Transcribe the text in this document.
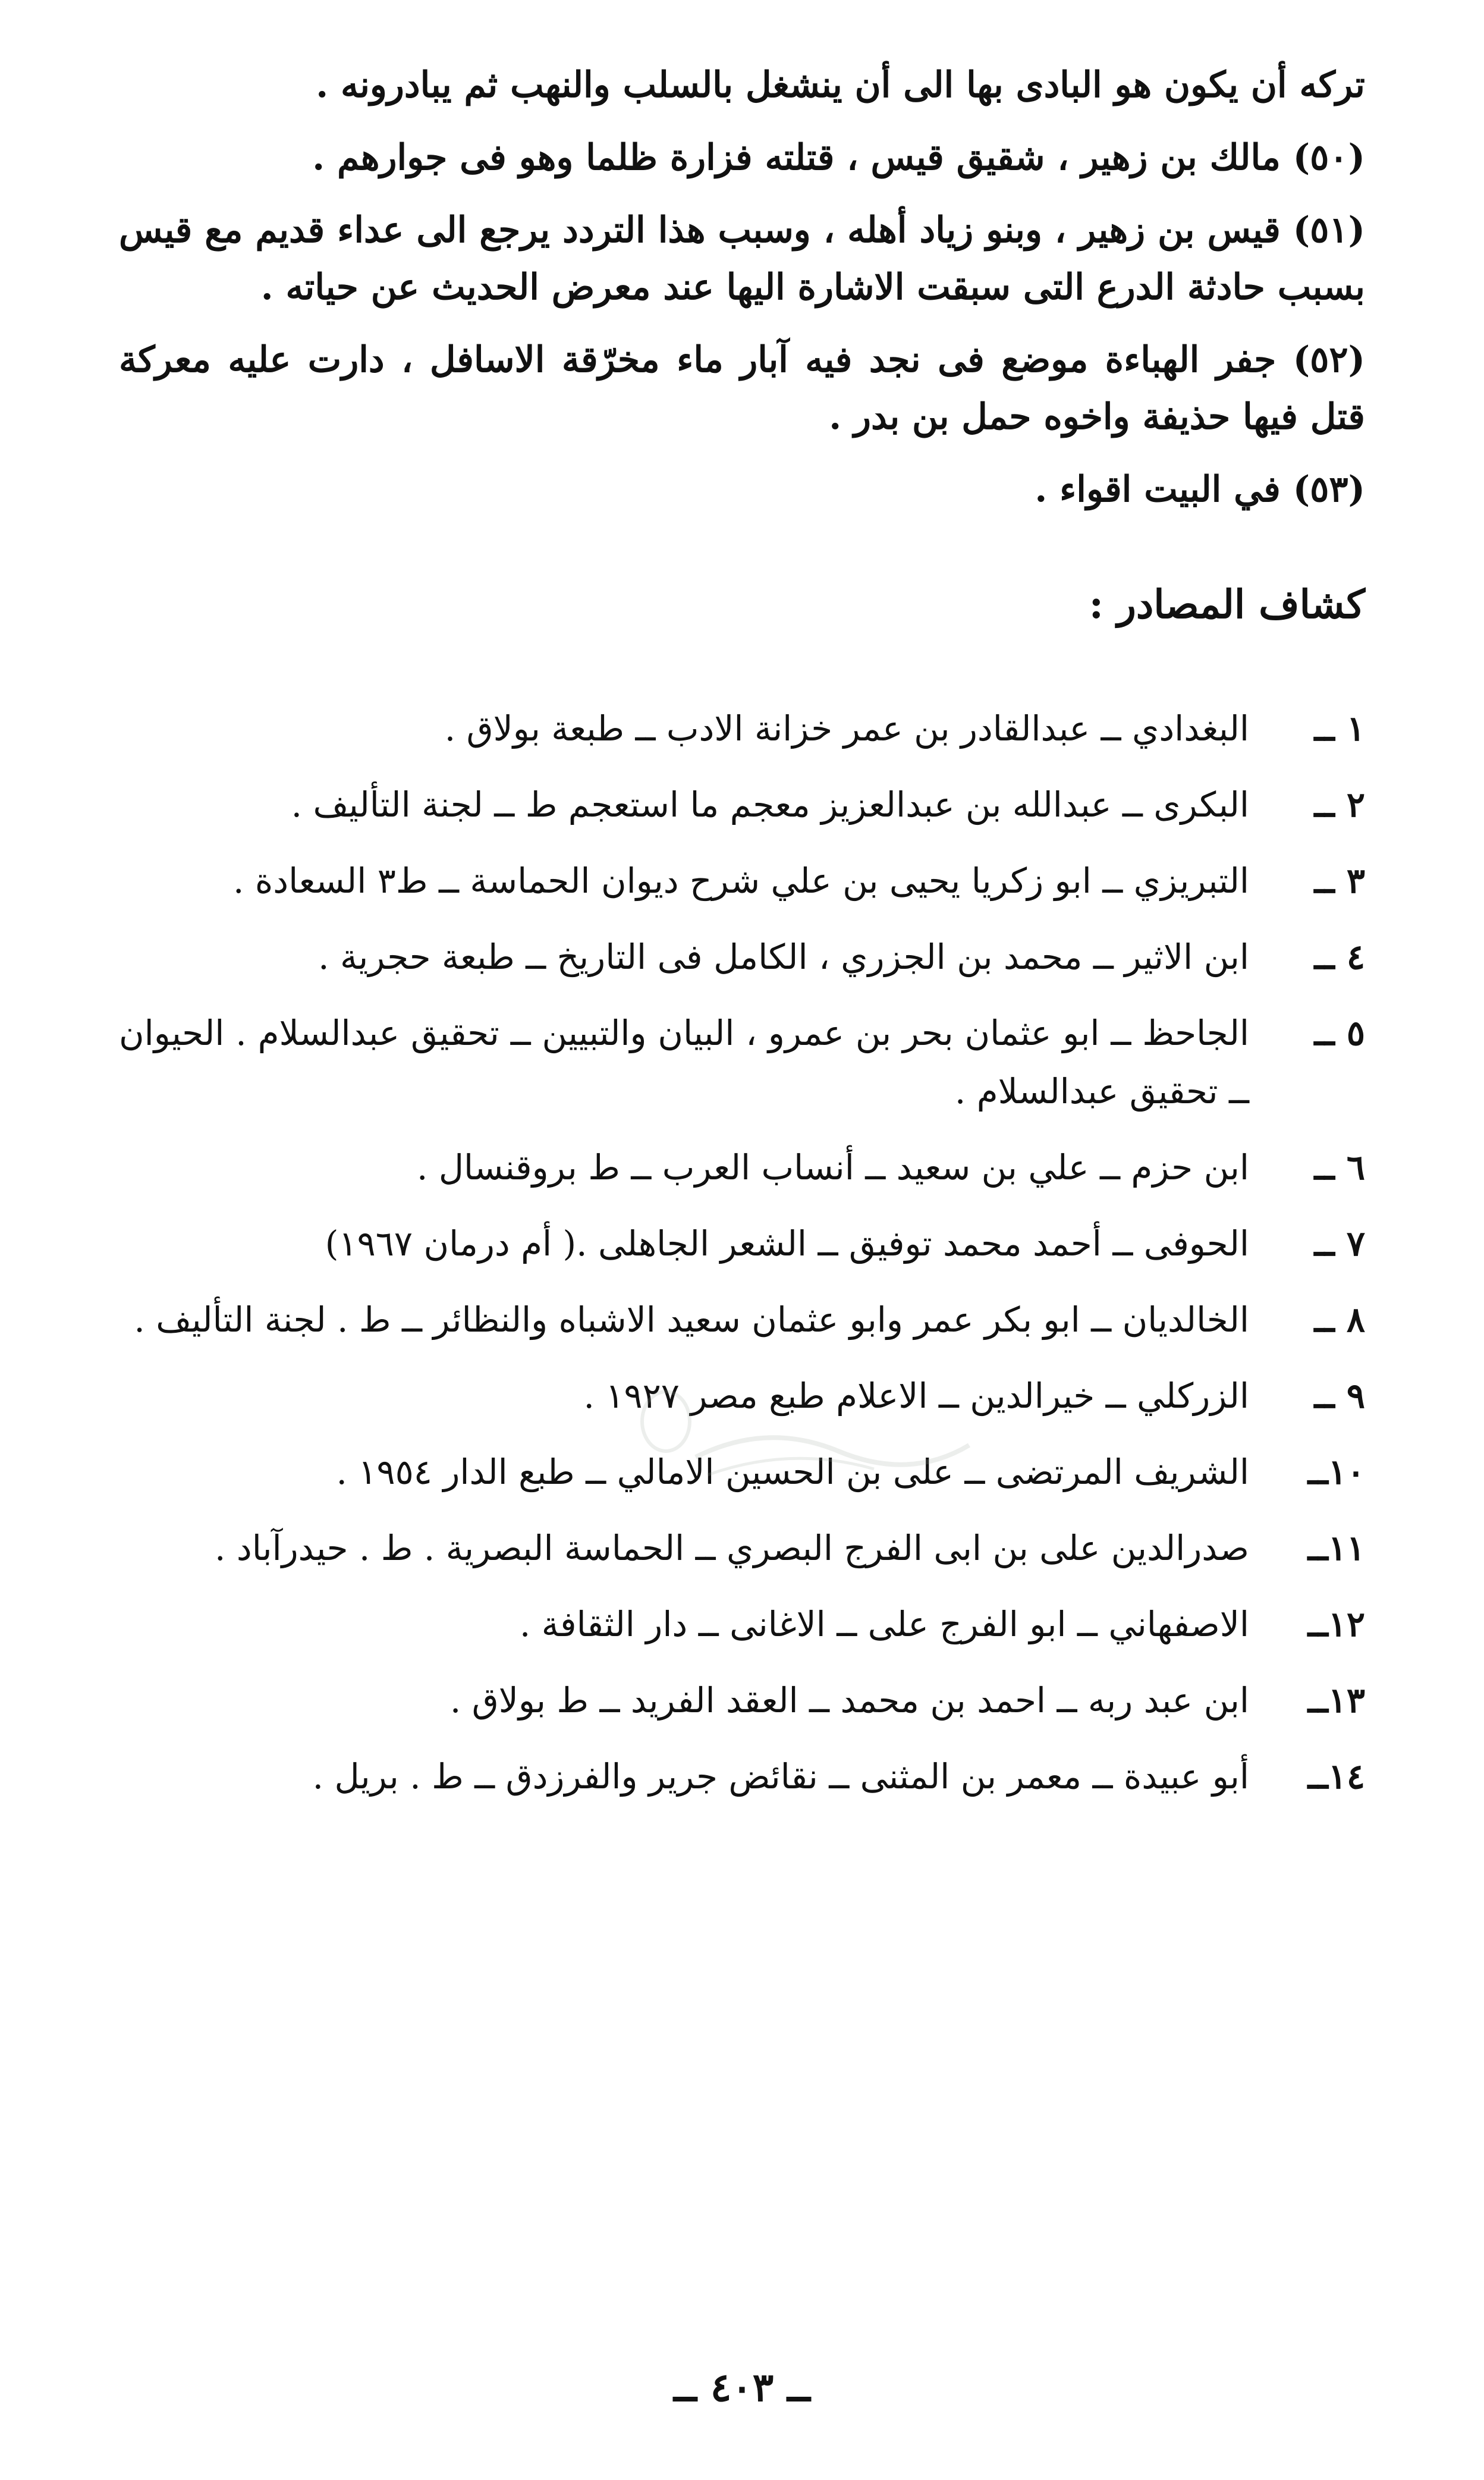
تركه أن يكون هو البادى بها الى أن ينشغل بالسلب والنهب ثم يبادرونه .

(٥٠) مالك بن زهير ، شقيق قيس ، قتلته فزارة ظلما وهو فى جوارهم .

(٥١) قيس بن زهير ، وبنو زياد أهله ، وسبب هذا التردد يرجع الى عداء قديم مع قيس بسبب حادثة الدرع التى سبقت الاشارة اليها عند معرض الحديث عن حياته .

(٥٢) جفر الهباءة موضع فى نجد فيه آبار ماء مخرّقة الاسافل ، دارت عليه معركة قتل فيها حذيفة واخوه حمل بن بدر .

(٥٣) في البيت اقواء .

كشاف المصادر :
١ ــ
البغدادي ــ عبدالقادر بن عمر خزانة الادب ــ طبعة بولاق .
٢ ــ
البكرى ــ عبدالله بن عبدالعزيز معجم ما استعجم ط ــ لجنة التأليف .
٣ ــ
التبريزي ــ ابو زكريا يحيى بن علي شرح ديوان الحماسة ــ ط٣ السعادة .
٤ ــ
ابن الاثير ــ محمد بن الجزري ، الكامل فى التاريخ ــ طبعة حجرية .
٥ ــ
الجاحظ ــ ابو عثمان بحر بن عمرو ، البيان والتبيين ــ تحقيق عبدالسلام . الحيوان ــ تحقيق عبدالسلام .
٦ ــ
ابن حزم ــ علي بن سعيد ــ أنساب العرب ــ ط بروقنسال .
٧ ــ
الحوفى ــ أحمد محمد توفيق ــ الشعر الجاهلى .( أم درمان ١٩٦٧)
٨ ــ
الخالديان ــ ابو بكر عمر وابو عثمان سعيد الاشباه والنظائر ــ ط . لجنة التأليف .
٩ ــ
الزركلي ــ خيرالدين ــ الاعلام طبع مصر ١٩٢٧ .
١٠ــ
الشريف المرتضى ــ على بن الحسين الامالي ــ طبع الدار ١٩٥٤ .
١١ــ
صدرالدين على بن ابى الفرج البصري ــ الحماسة البصرية . ط . حيدرآباد .
١٢ــ
الاصفهاني ــ ابو الفرج على ــ الاغانى ــ دار الثقافة .
١٣ــ
ابن عبد ربه ــ احمد بن محمد ــ العقد الفريد ــ ط بولاق .
١٤ــ
أبو عبيدة ــ معمر بن المثنى ــ نقائض جرير والفرزدق ــ ط . بريل .
ــ ٤٠٣ ــ
